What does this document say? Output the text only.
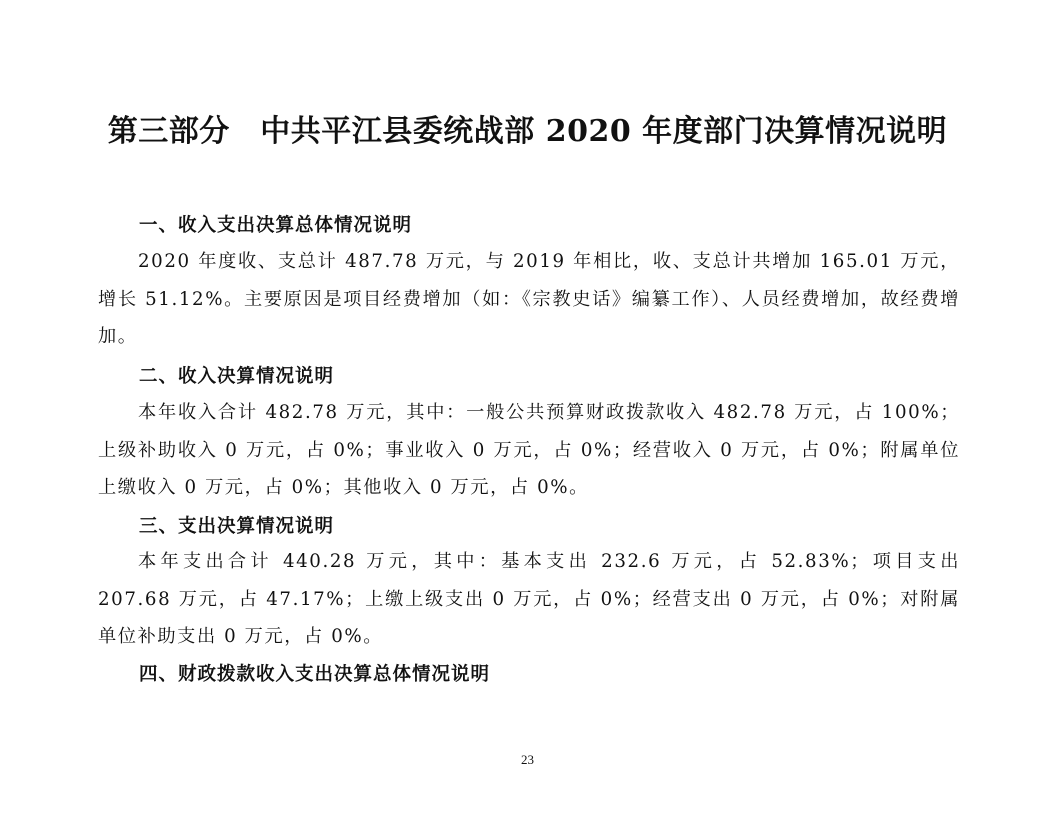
第三部分　中共平江县委统战部 2020 年度部门决算情况说明
一、收入支出决算总体情况说明
2020 年度收、支总计 487.78 万元，与 2019 年相比，收、支总计共增加 165.01 万元，增长 51.12%。主要原因是项目经费增加（如：《宗教史话》编纂工作）、人员经费增加，故经费增加。
二、收入决算情况说明
本年收入合计 482.78 万元，其中：一般公共预算财政拨款收入 482.78 万元，占 100%；上级补助收入 0 万元，占 0%；事业收入 0 万元，占 0%；经营收入 0 万元，占 0%；附属单位上缴收入 0 万元，占 0%；其他收入 0 万元，占 0%。
三、支出决算情况说明
本年支出合计 440.28 万元，其中：基本支出 232.6 万元，占 52.83%；项目支出 207.68 万元，占 47.17%；上缴上级支出 0 万元，占 0%；经营支出 0 万元，占 0%；对附属单位补助支出 0 万元，占 0%。
四、财政拨款收入支出决算总体情况说明
23
